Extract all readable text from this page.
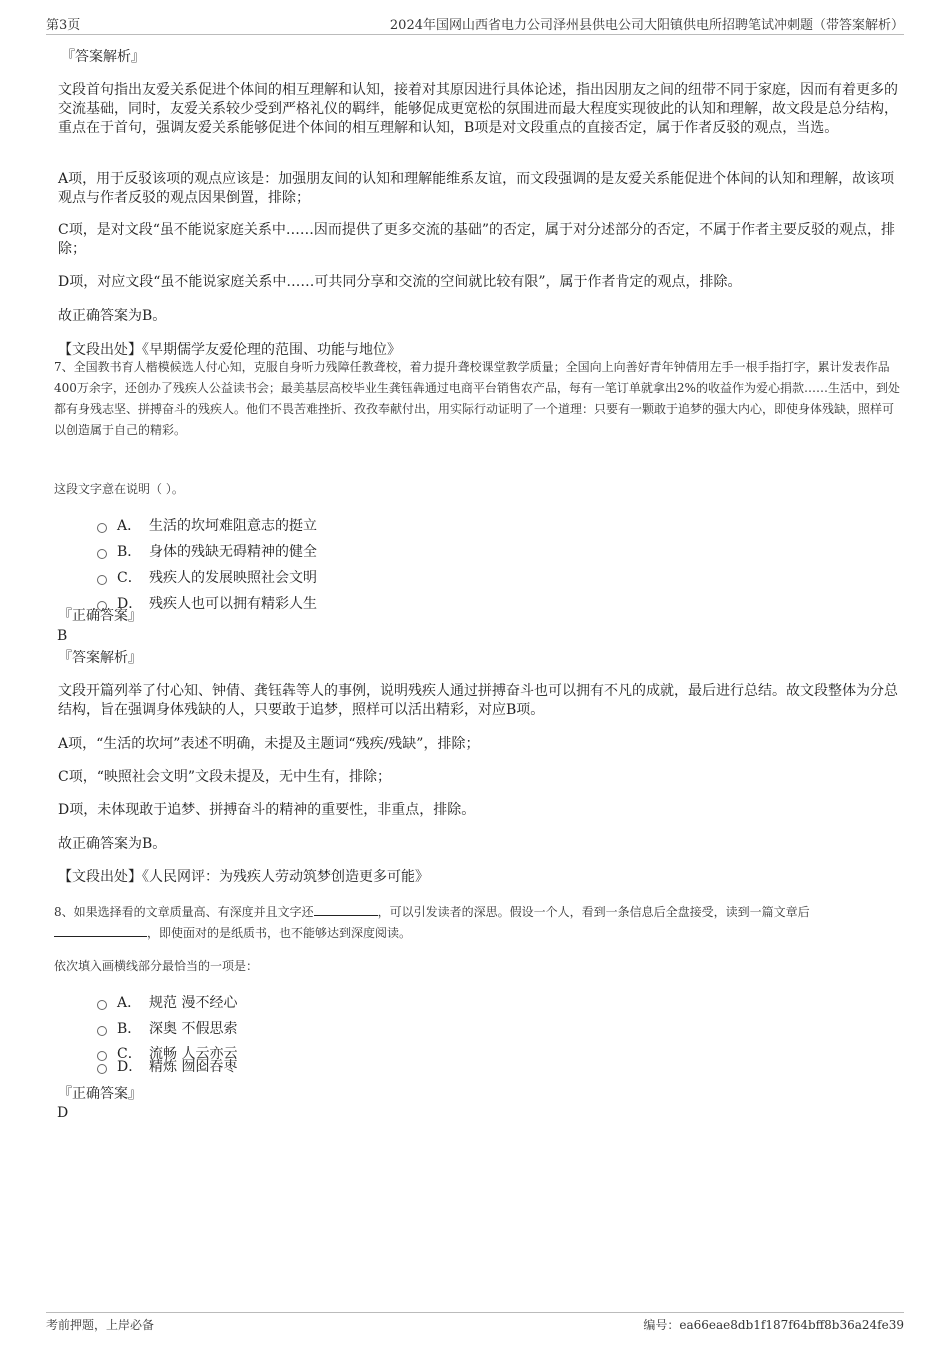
第3页	2024年国网山西省电力公司泽州县供电公司大阳镇供电所招聘笔试冲刺题（带答案解析）
『答案解析』
文段首句指出友爱关系促进个体间的相互理解和认知，接着对其原因进行具体论述，指出因朋友之间的纽带不同于家庭，因而有着更多的交流基础，同时，友爱关系较少受到严格礼仪的羁绊，能够促成更宽松的氛围进而最大程度实现彼此的认知和理解，故文段是总分结构，重点在于首句，强调友爱关系能够促进个体间的相互理解和认知，B项是对文段重点的直接否定，属于作者反驳的观点，当选。
A项，用于反驳该项的观点应该是：加强朋友间的认知和理解能维系友谊，而文段强调的是友爱关系能促进个体间的认知和理解，故该项观点与作者反驳的观点因果倒置，排除；
C项，是对文段“虽不能说家庭关系中……因而提供了更多交流的基础”的否定，属于对分述部分的否定，不属于作者主要反驳的观点，排除；
D项，对应文段“虽不能说家庭关系中……可共同分享和交流的空间就比较有限”，属于作者肯定的观点，排除。
故正确答案为B。
【文段出处】《早期儒学友爱伦理的范围、功能与地位》
7、全国教书育人楷模候选人付心知，克服自身听力残障任教聋校，着力提升聋校课堂教学质量；全国向上向善好青年钟倩用左手一根手指打字，累计发表作品400万余字，还创办了残疾人公益读书会；最美基层高校毕业生龚钰犇通过电商平台销售农产品，每有一笔订单就拿出2%的收益作为爱心捐款……生活中，到处都有身残志坚、拼搏奋斗的残疾人。他们不畏苦难挫折、孜孜奉献付出，用实际行动证明了一个道理：只要有一颗敢于追梦的强大内心，即使身体残缺，照样可以创造属于自己的精彩。
这段文字意在说明（ ）。
A． 生活的坎坷难阻意志的挺立
B． 身体的残缺无碍精神的健全
C． 残疾人的发展映照社会文明
D． 残疾人也可以拥有精彩人生
『正确答案』
B
『答案解析』
文段开篇列举了付心知、钟倩、龚钰犇等人的事例，说明残疾人通过拼搏奋斗也可以拥有不凡的成就，最后进行总结。故文段整体为分总结构，旨在强调身体残缺的人，只要敢于追梦，照样可以活出精彩，对应B项。
A项，“生活的坎坷”表述不明确，未提及主题词“残疾/残缺”，排除；
C项，“映照社会文明”文段未提及，无中生有，排除；
D项，未体现敢于追梦、拼搏奋斗的精神的重要性，非重点，排除。
故正确答案为B。
【文段出处】《人民网评：为残疾人劳动筑梦创造更多可能》
8、如果选择看的文章质量高、有深度并且文字还	，可以引发读者的深思。假设一个人，看到一条信息后全盘接受，读到一篇文章后
，即使面对的是纸质书，也不能够达到深度阅读。
依次填入画横线部分最恰当的一项是：
A． 规范 漫不经心
B． 深奥 不假思索
C． 流畅 人云亦云
D． 精炼 囫囵吞枣
『正确答案』
D
考前押题，上岸必备	编号：ea66eae8db1f187f64bff8b36a24fe39
